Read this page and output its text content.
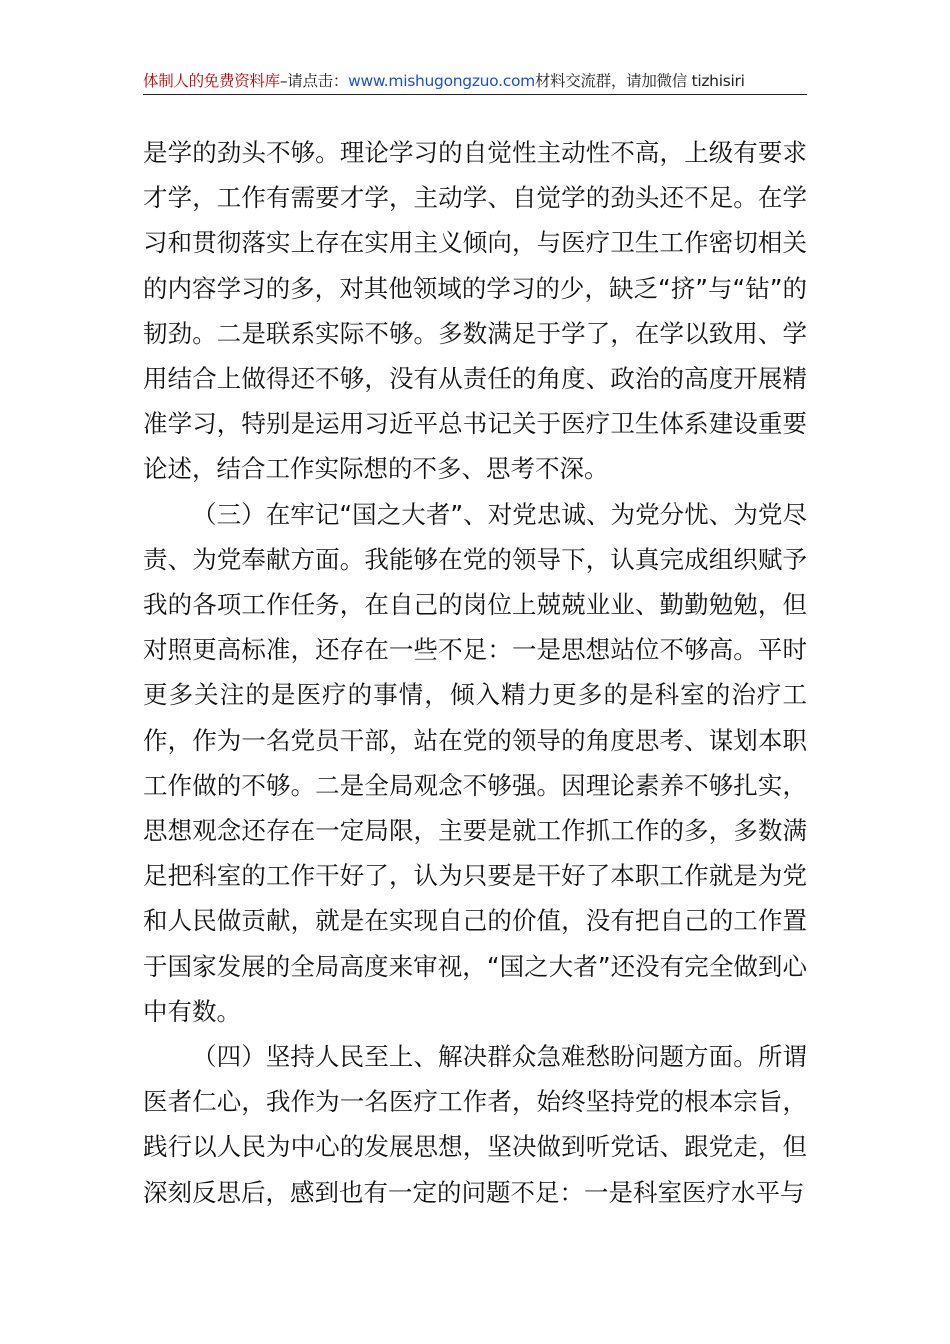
体制人的免费资料库–请点击：www.mishugongzuo.com材料交流群，请加微信 tizhisiri

是学的劲头不够。理论学习的自觉性主动性不高，上级有要求才学，工作有需要才学，主动学、自觉学的劲头还不足。在学习和贯彻落实上存在实用主义倾向，与医疗卫生工作密切相关的内容学习的多，对其他领域的学习的少，缺乏“挤”与“钻”的韧劲。二是联系实际不够。多数满足于学了，在学以致用、学用结合上做得还不够，没有从责任的角度、政治的高度开展精准学习，特别是运用习近平总书记关于医疗卫生体系建设重要论述，结合工作实际想的不多、思考不深。

（三）在牢记“国之大者”、对党忠诚、为党分忧、为党尽责、为党奉献方面。我能够在党的领导下，认真完成组织赋予我的各项工作任务，在自己的岗位上兢兢业业、勤勤勉勉，但对照更高标准，还存在一些不足：一是思想站位不够高。平时更多关注的是医疗的事情，倾入精力更多的是科室的治疗工作，作为一名党员干部，站在党的领导的角度思考、谋划本职工作做的不够。二是全局观念不够强。因理论素养不够扎实，思想观念还存在一定局限，主要是就工作抓工作的多，多数满足把科室的工作干好了，认为只要是干好了本职工作就是为党和人民做贡献，就是在实现自己的价值，没有把自己的工作置于国家发展的全局高度来审视，“国之大者”还没有完全做到心中有数。

（四）坚持人民至上、解决群众急难愁盼问题方面。所谓医者仁心，我作为一名医疗工作者，始终坚持党的根本宗旨，践行以人民为中心的发展思想，坚决做到听党话、跟党走，但深刻反思后，感到也有一定的问题不足：一是科室医疗水平与
